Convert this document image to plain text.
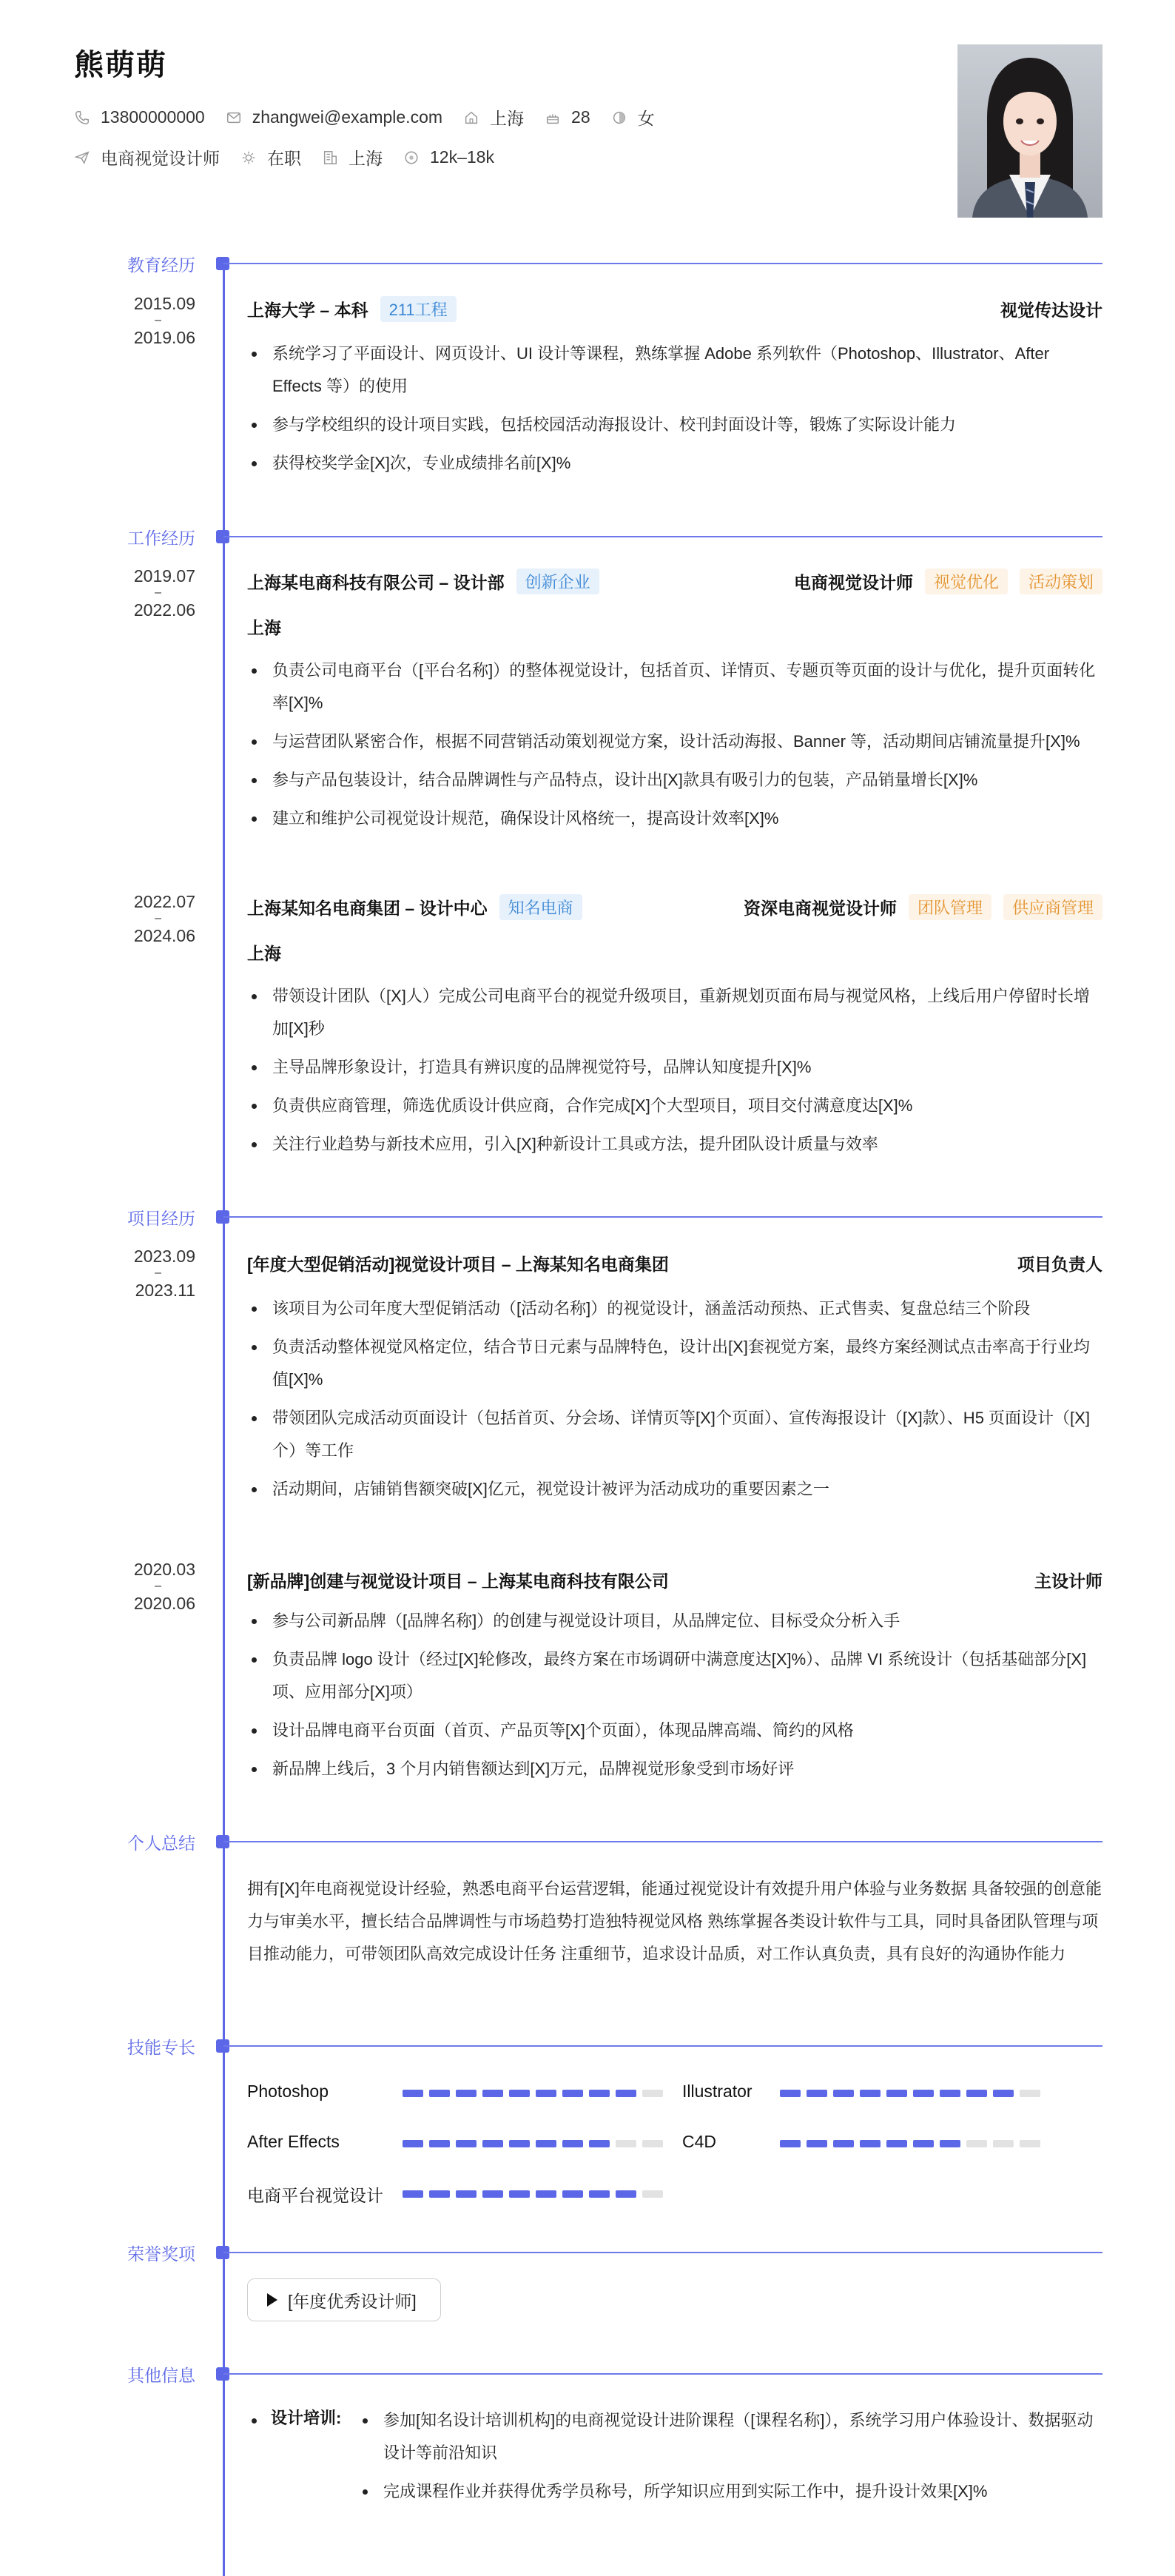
熊萌萌
13800000000	zhangwei@example.com	上海	28	女
电商视觉设计师	在职	上海	12k–18k
教育经历
2015.09
–
2019.06
上海大学 – 本科	211工程	视觉传达设计
系统学习了平面设计、网页设计、UI 设计等课程，熟练掌握 Adobe 系列软件（Photoshop、Illustrator、After Effects 等）的使用
参与学校组织的设计项目实践，包括校园活动海报设计、校刊封面设计等，锻炼了实际设计能力
获得校奖学金[X]次，专业成绩排名前[X]%
工作经历
2019.07
–
2022.06
上海某电商科技有限公司 – 设计部	创新企业	电商视觉设计师	视觉优化	活动策划
上海
负责公司电商平台（[平台名称]）的整体视觉设计，包括首页、详情页、专题页等页面的设计与优化，提升页面转化率[X]%
与运营团队紧密合作，根据不同营销活动策划视觉方案，设计活动海报、Banner 等，活动期间店铺流量提升[X]%
参与产品包装设计，结合品牌调性与产品特点，设计出[X]款具有吸引力的包装，产品销量增长[X]%
建立和维护公司视觉设计规范，确保设计风格统一，提高设计效率[X]%
2022.07
–
2024.06
上海某知名电商集团 – 设计中心	知名电商	资深电商视觉设计师	团队管理	供应商管理
上海
带领设计团队（[X]人）完成公司电商平台的视觉升级项目，重新规划页面布局与视觉风格，上线后用户停留时长增加[X]秒
主导品牌形象设计，打造具有辨识度的品牌视觉符号，品牌认知度提升[X]%
负责供应商管理，筛选优质设计供应商，合作完成[X]个大型项目，项目交付满意度达[X]%
关注行业趋势与新技术应用，引入[X]种新设计工具或方法，提升团队设计质量与效率
项目经历
2023.09
–
2023.11
[年度大型促销活动]视觉设计项目 – 上海某知名电商集团	项目负责人
该项目为公司年度大型促销活动（[活动名称]）的视觉设计，涵盖活动预热、正式售卖、复盘总结三个阶段
负责活动整体视觉风格定位，结合节日元素与品牌特色，设计出[X]套视觉方案，最终方案经测试点击率高于行业均值[X]%
带领团队完成活动页面设计（包括首页、分会场、详情页等[X]个页面）、宣传海报设计（[X]款）、H5 页面设计（[X]个）等工作
活动期间，店铺销售额突破[X]亿元，视觉设计被评为活动成功的重要因素之一
2020.03
–
2020.06
[新品牌]创建与视觉设计项目 – 上海某电商科技有限公司	主设计师
参与公司新品牌（[品牌名称]）的创建与视觉设计项目，从品牌定位、目标受众分析入手
负责品牌 logo 设计（经过[X]轮修改，最终方案在市场调研中满意度达[X]%）、品牌 VI 系统设计（包括基础部分[X]项、应用部分[X]项）
设计品牌电商平台页面（首页、产品页等[X]个页面），体现品牌高端、简约的风格
新品牌上线后，3 个月内销售额达到[X]万元，品牌视觉形象受到市场好评
个人总结
拥有[X]年电商视觉设计经验，熟悉电商平台运营逻辑，能通过视觉设计有效提升用户体验与业务数据 具备较强的创意能力与审美水平，擅长结合品牌调性与市场趋势打造独特视觉风格 熟练掌握各类设计软件与工具，同时具备团队管理与项目推动能力，可带领团队高效完成设计任务 注重细节，追求设计品质，对工作认真负责，具有良好的沟通协作能力
技能专长
Photoshop	Illustrator
After Effects	C4D
电商平台视觉设计
荣誉奖项
[年度优秀设计师]
其他信息
设计培训:	参加[知名设计培训机构]的电商视觉设计进阶课程（[课程名称]），系统学习用户体验设计、数据驱动设计等前沿知识
完成课程作业并获得优秀学员称号，所学知识应用到实际工作中，提升设计效果[X]%
